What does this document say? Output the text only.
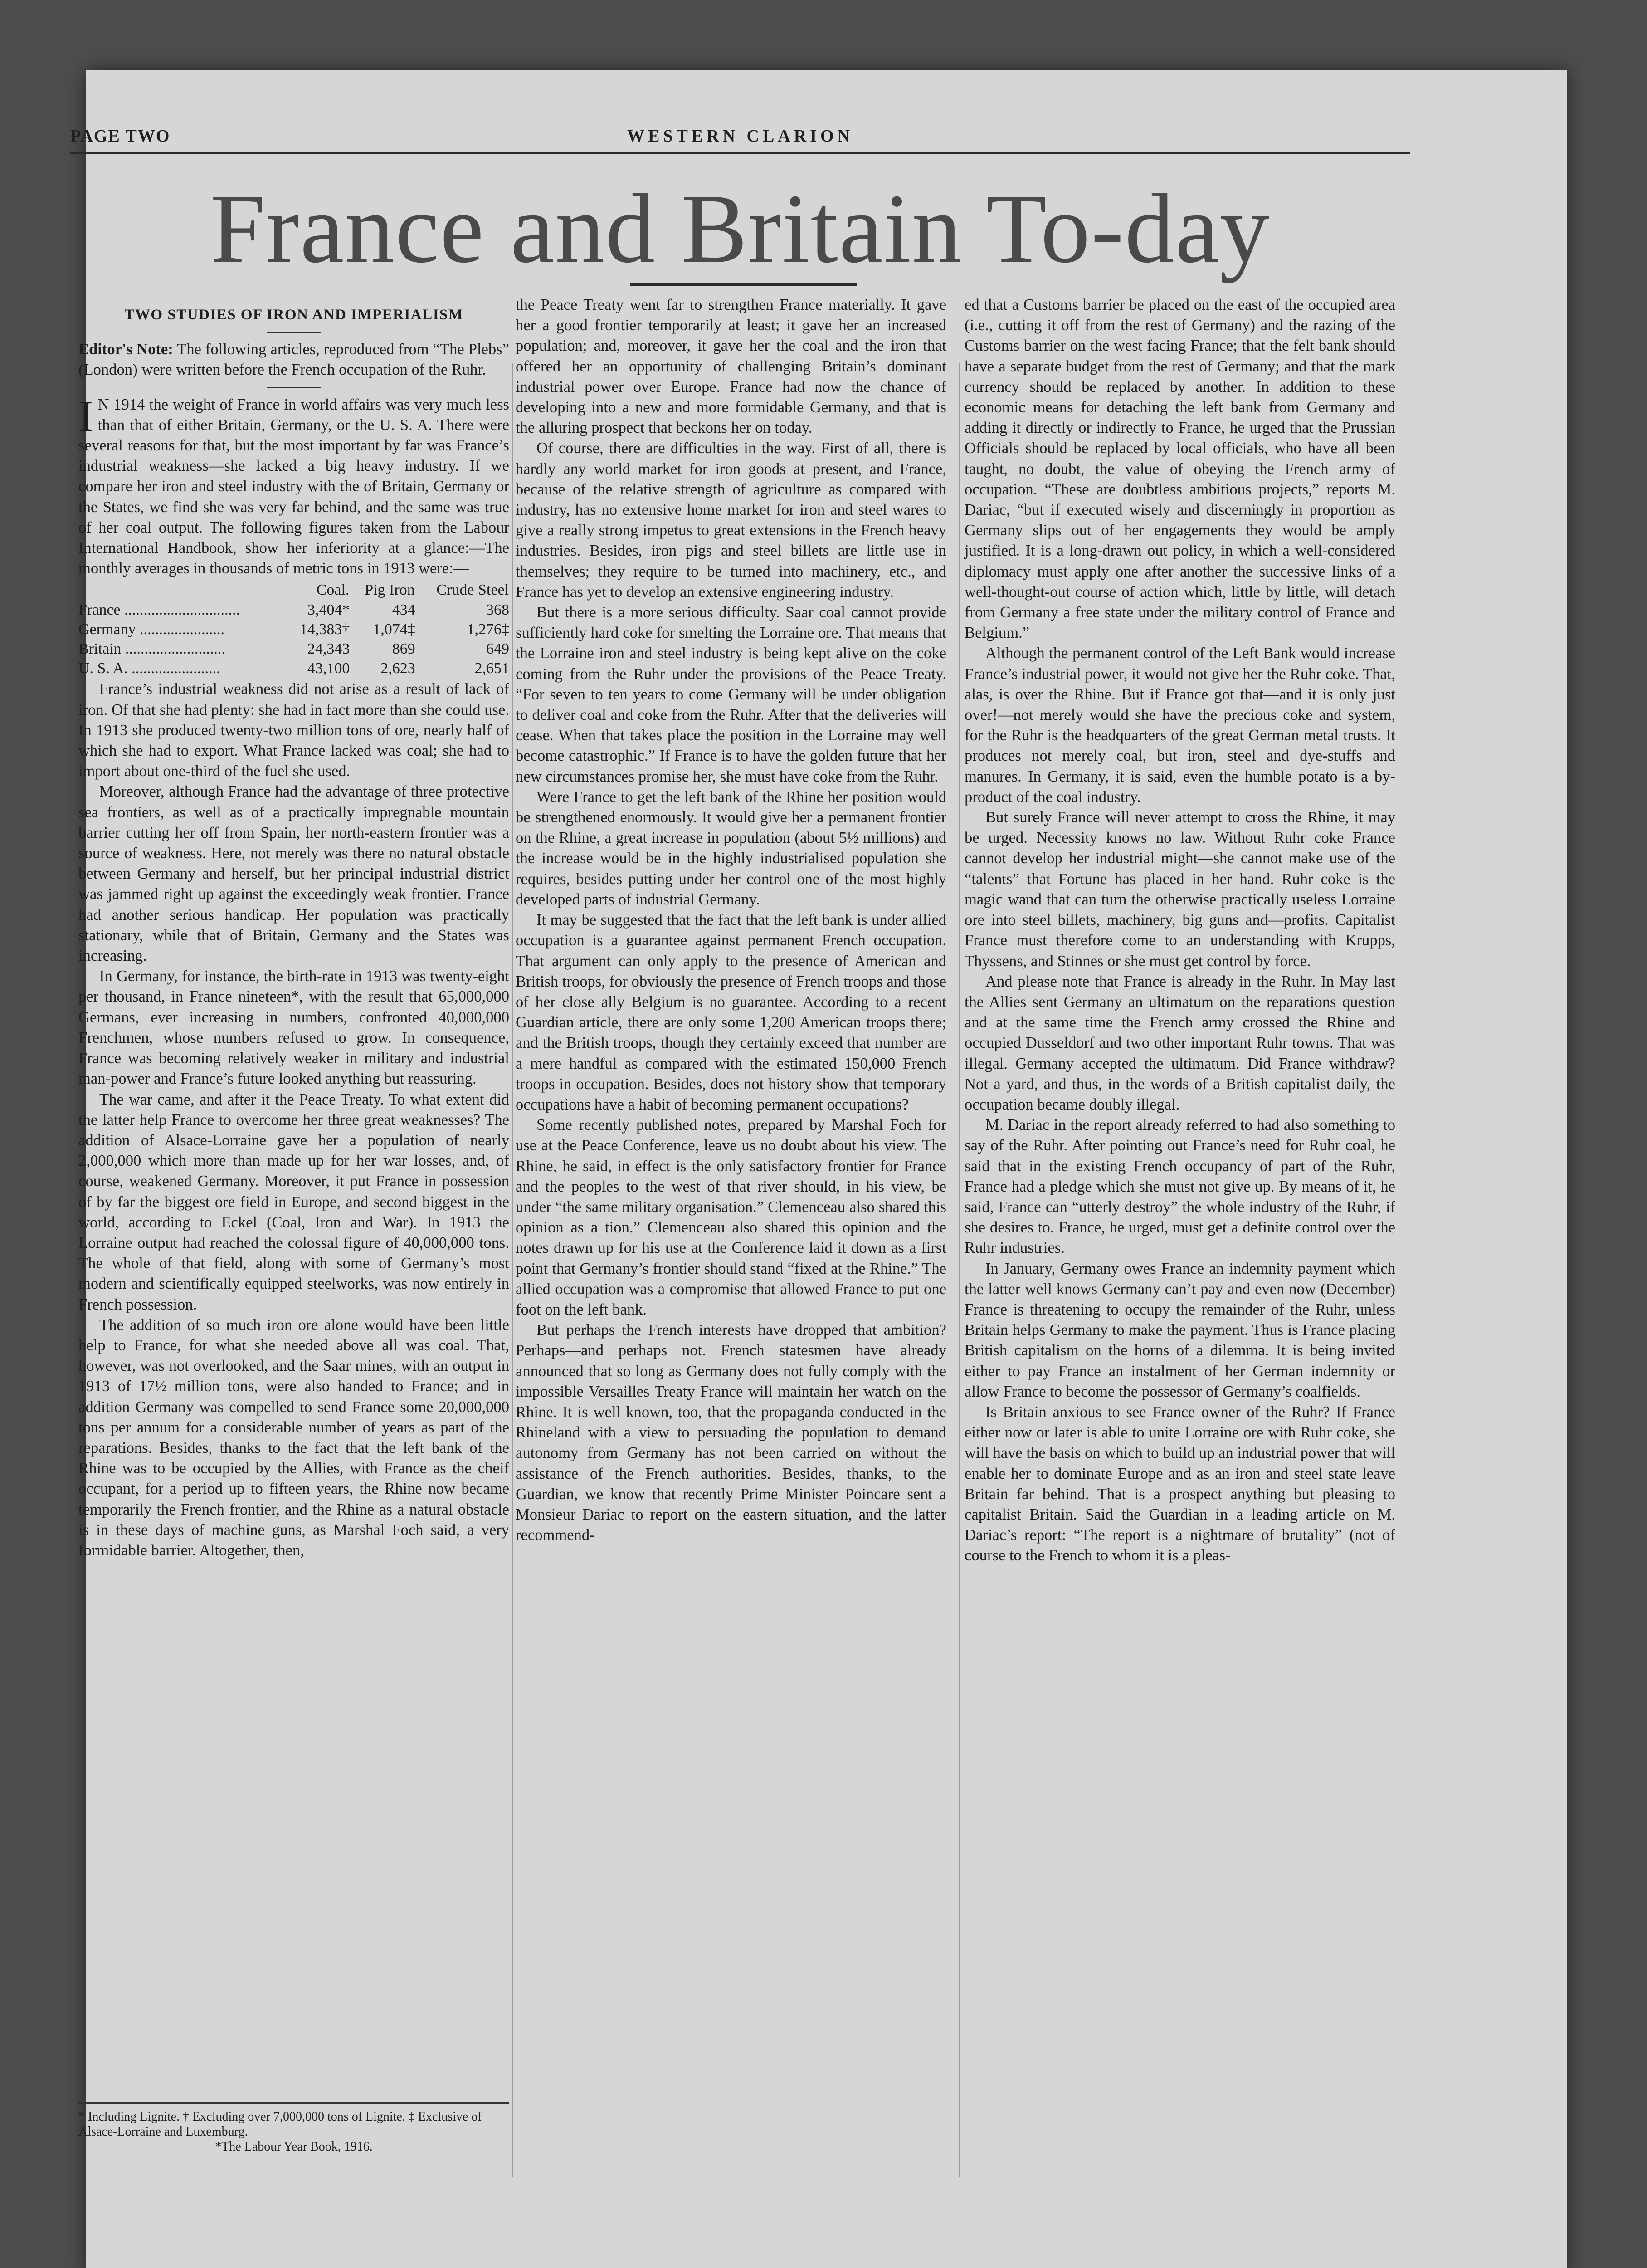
PAGE TWO	WESTERN CLARION
France and Britain To-day
TWO STUDIES OF IRON AND IMPERIALISM

Editor's Note: The following articles, reproduced from “The Plebs” (London) were written before the French occupation of the Ruhr.

I N 1914 the weight of France in world affairs was very much less than that of either Britain, Germany, or the U. S. A. There were several reasons for that, but the most important by far was France’s industrial weakness—she lacked a big heavy industry. If we compare her iron and steel industry with the of Britain, Germany or the States, we find she was very far behind, and the same was true of her coal output. The following figures taken from the Labour International Handbook, show her inferiority at a glance:—The monthly averages in thousands of metric tons in 1913 were:—

	Coal.	Pig Iron	Crude Steel
France ..............................	3,404*	434	368
Germany ......................	14,383†	1,074‡	1,276‡
Britain ..........................	24,343	869	649
U. S. A. .......................	43,100	2,623	2,651

France’s industrial weakness did not arise as a result of lack of iron. Of that she had plenty: she had in fact more than she could use. In 1913 she produced twenty-two million tons of ore, nearly half of which she had to export. What France lacked was coal; she had to import about one-third of the fuel she used.

Moreover, although France had the advantage of three protective sea frontiers, as well as of a practically impregnable mountain barrier cutting her off from Spain, her north-eastern frontier was a source of weakness. Here, not merely was there no natural obstacle between Germany and herself, but her principal industrial district was jammed right up against the exceedingly weak frontier. France had another serious handicap. Her population was practically stationary, while that of Britain, Germany and the States was increasing.

In Germany, for instance, the birth-rate in 1913 was twenty-eight per thousand, in France nineteen*, with the result that 65,000,000 Germans, ever increasing in numbers, confronted 40,000,000 Frenchmen, whose numbers refused to grow. In consequence, France was becoming relatively weaker in military and industrial man-power and France’s future looked anything but reassuring.

The war came, and after it the Peace Treaty. To what extent did the latter help France to overcome her three great weaknesses? The addition of Alsace-Lorraine gave her a population of nearly 2,000,000 which more than made up for her war losses, and, of course, weakened Germany. Moreover, it put France in possession of by far the biggest ore field in Europe, and second biggest in the world, according to Eckel (Coal, Iron and War). In 1913 the Lorraine output had reached the colossal figure of 40,000,000 tons. The whole of that field, along with some of Germany’s most modern and scientifically equipped steelworks, was now entirely in French possession.

The addition of so much iron ore alone would have been little help to France, for what she needed above all was coal. That, however, was not overlooked, and the Saar mines, with an output in 1913 of 17½ million tons, were also handed to France; and in addition Germany was compelled to send France some 20,000,000 tons per annum for a considerable number of years as part of the reparations. Besides, thanks to the fact that the left bank of the Rhine was to be occupied by the Allies, with France as the cheif occupant, for a period up to fifteen years, the Rhine now became temporarily the French frontier, and the Rhine as a natural obstacle is in these days of machine guns, as Marshal Foch said, a very formidable barrier. Altogether, then,

* Including Lignite. † Excluding over 7,000,000 tons of Lignite. ‡ Exclusive of Alsace-Lorraine and Luxemburg.
*The Labour Year Book, 1916.

the Peace Treaty went far to strengthen France materially. It gave her a good frontier temporarily at least; it gave her an increased population; and, moreover, it gave her the coal and the iron that offered her an opportunity of challenging Britain’s dominant industrial power over Europe. France had now the chance of developing into a new and more formidable Germany, and that is the alluring prospect that beckons her on today.

Of course, there are difficulties in the way. First of all, there is hardly any world market for iron goods at present, and France, because of the relative strength of agriculture as compared with industry, has no extensive home market for iron and steel wares to give a really strong impetus to great extensions in the French heavy industries. Besides, iron pigs and steel billets are little use in themselves; they require to be turned into machinery, etc., and France has yet to develop an extensive engineering industry.

But there is a more serious difficulty. Saar coal cannot provide sufficiently hard coke for smelting the Lorraine ore. That means that the Lorraine iron and steel industry is being kept alive on the coke coming from the Ruhr under the provisions of the Peace Treaty. “For seven to ten years to come Germany will be under obligation to deliver coal and coke from the Ruhr. After that the deliveries will cease. When that takes place the position in the Lorraine may well become catastrophic.” If France is to have the golden future that her new circumstances promise her, she must have coke from the Ruhr.

Were France to get the left bank of the Rhine her position would be strengthened enormously. It would give her a permanent frontier on the Rhine, a great increase in population (about 5½ millions) and the increase would be in the highly industrialised population she requires, besides putting under her control one of the most highly developed parts of industrial Germany.

It may be suggested that the fact that the left bank is under allied occupation is a guarantee against permanent French occupation. That argument can only apply to the presence of American and British troops, for obviously the presence of French troops and those of her close ally Belgium is no guarantee. According to a recent Guardian article, there are only some 1,200 American troops there; and the British troops, though they certainly exceed that number are a mere handful as compared with the estimated 150,000 French troops in occupation. Besides, does not history show that temporary occupations have a habit of becoming permanent occupations?

Some recently published notes, prepared by Marshal Foch for use at the Peace Conference, leave us no doubt about his view. The Rhine, he said, in effect is the only satisfactory frontier for France and the peoples to the west of that river should, in his view, be under “the same military organisation.” Clemenceau also shared this opinion as a tion.” Clemenceau also shared this opinion and the notes drawn up for his use at the Conference laid it down as a first point that Germany’s frontier should stand “fixed at the Rhine.” The allied occupation was a compromise that allowed France to put one foot on the left bank.

But perhaps the French interests have dropped that ambition? Perhaps—and perhaps not. French statesmen have already announced that so long as Germany does not fully comply with the impossible Versailles Treaty France will maintain her watch on the Rhine. It is well known, too, that the propaganda conducted in the Rhineland with a view to persuading the population to demand autonomy from Germany has not been carried on without the assistance of the French authorities. Besides, thanks, to the Guardian, we know that recently Prime Minister Poincare sent a Monsieur Dariac to report on the eastern situation, and the latter recommend-

ed that a Customs barrier be placed on the east of the occupied area (i.e., cutting it off from the rest of Germany) and the razing of the Customs barrier on the west facing France; that the felt bank should have a separate budget from the rest of Germany; and that the mark currency should be replaced by another. In addition to these economic means for detaching the left bank from Germany and adding it directly or indirectly to France, he urged that the Prussian Officials should be replaced by local officials, who have all been taught, no doubt, the value of obeying the French army of occupation. “These are doubtless ambitious projects,” reports M. Dariac, “but if executed wisely and discerningly in proportion as Germany slips out of her engagements they would be amply justified. It is a long-drawn out policy, in which a well-considered diplomacy must apply one after another the successive links of a well-thought-out course of action which, little by little, will detach from Germany a free state under the military control of France and Belgium.”

Although the permanent control of the Left Bank would increase France’s industrial power, it would not give her the Ruhr coke. That, alas, is over the Rhine. But if France got that—and it is only just over!—not merely would she have the precious coke and system, for the Ruhr is the headquarters of the great German metal trusts. It produces not merely coal, but iron, steel and dye-stuffs and manures. In Germany, it is said, even the humble potato is a by-product of the coal industry.

But surely France will never attempt to cross the Rhine, it may be urged. Necessity knows no law. Without Ruhr coke France cannot develop her industrial might—she cannot make use of the “talents” that Fortune has placed in her hand. Ruhr coke is the magic wand that can turn the otherwise practically useless Lorraine ore into steel billets, machinery, big guns and—profits. Capitalist France must therefore come to an understanding with Krupps, Thyssens, and Stinnes or she must get control by force.

And please note that France is already in the Ruhr. In May last the Allies sent Germany an ultimatum on the reparations question and at the same time the French army crossed the Rhine and occupied Dusseldorf and two other important Ruhr towns. That was illegal. Germany accepted the ultimatum. Did France withdraw? Not a yard, and thus, in the words of a British capitalist daily, the occupation became doubly illegal.

M. Dariac in the report already referred to had also something to say of the Ruhr. After pointing out France’s need for Ruhr coal, he said that in the existing French occupancy of part of the Ruhr, France had a pledge which she must not give up. By means of it, he said, France can “utterly destroy” the whole industry of the Ruhr, if she desires to. France, he urged, must get a definite control over the Ruhr industries.

In January, Germany owes France an indemnity payment which the latter well knows Germany can’t pay and even now (December) France is threatening to occupy the remainder of the Ruhr, unless Britain helps Germany to make the payment. Thus is France placing British capitalism on the horns of a dilemma. It is being invited either to pay France an instalment of her German indemnity or allow France to become the possessor of Germany’s coalfields.

Is Britain anxious to see France owner of the Ruhr? If France either now or later is able to unite Lorraine ore with Ruhr coke, she will have the basis on which to build up an industrial power that will enable her to dominate Europe and as an iron and steel state leave Britain far behind. That is a prospect anything but pleasing to capitalist Britain. Said the Guardian in a leading article on M. Dariac’s report: “The report is a nightmare of brutality” (not of course to the French to whom it is a pleas-
